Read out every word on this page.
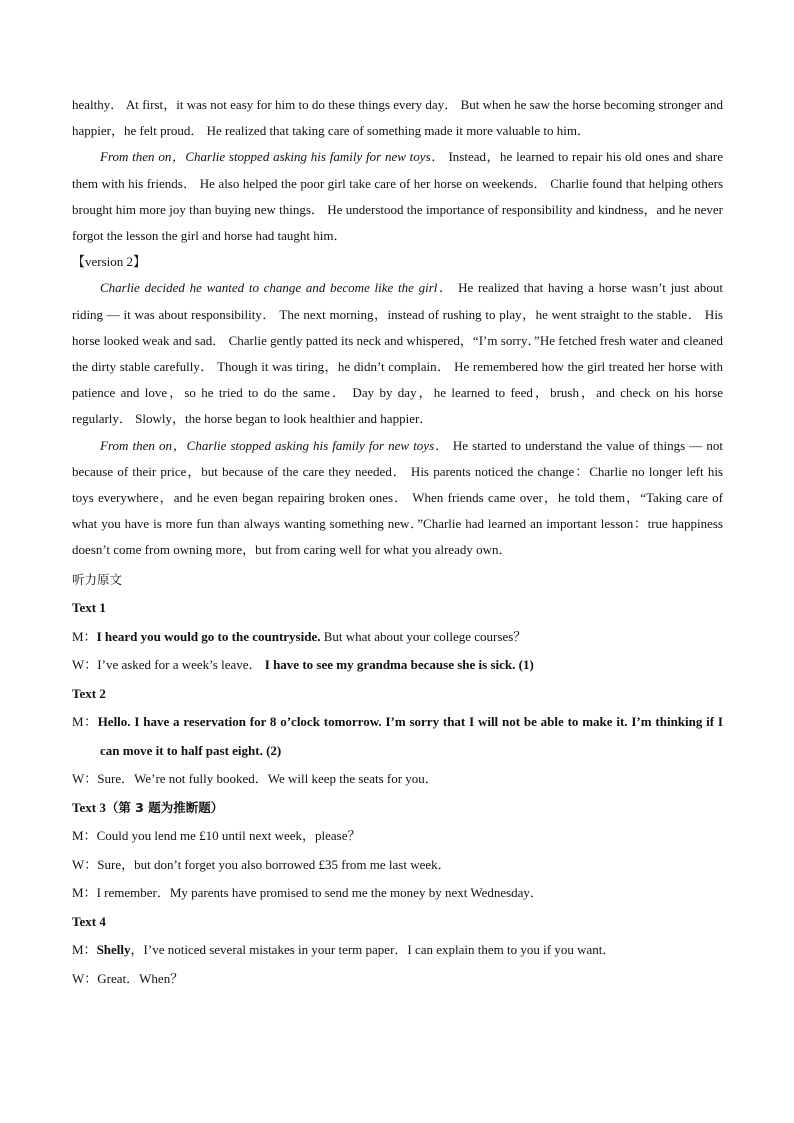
healthy． At first，it was not easy for him to do these things every day． But when he saw the horse becoming stronger and happier，he felt proud． He realized that taking care of something made it more valuable to him．

From then on，Charlie stopped asking his family for new toys． Instead，he learned to repair his old ones and share them with his friends． He also helped the poor girl take care of her horse on weekends． Charlie found that helping others brought him more joy than buying new things． He understood the importance of responsibility and kindness，and he never forgot the lesson the girl and horse had taught him．

【version 2】

Charlie decided he wanted to change and become like the girl． He realized that having a horse wasn’t just about riding — it was about responsibility． The next morning，instead of rushing to play，he went straight to the stable． His horse looked weak and sad． Charlie gently patted its neck and whispered，“I’m sorry．”He fetched fresh water and cleaned the dirty stable carefully． Though it was tiring，he didn’t complain． He remembered how the girl treated her horse with patience and love，so he tried to do the same． Day by day，he learned to feed，brush，and check on his horse regularly． Slowly，the horse began to look healthier and happier．

From then on，Charlie stopped asking his family for new toys． He started to understand the value of things — not because of their price，but because of the care they needed． His parents noticed the change：Charlie no longer left his toys everywhere，and he even began repairing broken ones． When friends came over，he told them，“Taking care of what you have is more fun than always wanting something new．”Charlie had learned an important lesson：true happiness doesn’t come from owning more，but from caring well for what you already own．

听力原文

Text 1

M：I heard you would go to the countryside. But what about your college courses？

W：I’ve asked for a week’s leave． I have to see my grandma because she is sick. (1)

Text 2

M：Hello. I have a reservation for 8 o’clock tomorrow. I’m sorry that I will not be able to make it. I’m thinking if I can move it to half past eight. (2)

W：Sure．We’re not fully booked．We will keep the seats for you．

Text 3（第 3 题为推断题）

M：Could you lend me £10 until next week，please？

W：Sure，but don’t forget you also borrowed £35 from me last week．

M：I remember．My parents have promised to send me the money by next Wednesday．

Text 4

M：Shelly，I’ve noticed several mistakes in your term paper．I can explain them to you if you want．

W：Great．When？
